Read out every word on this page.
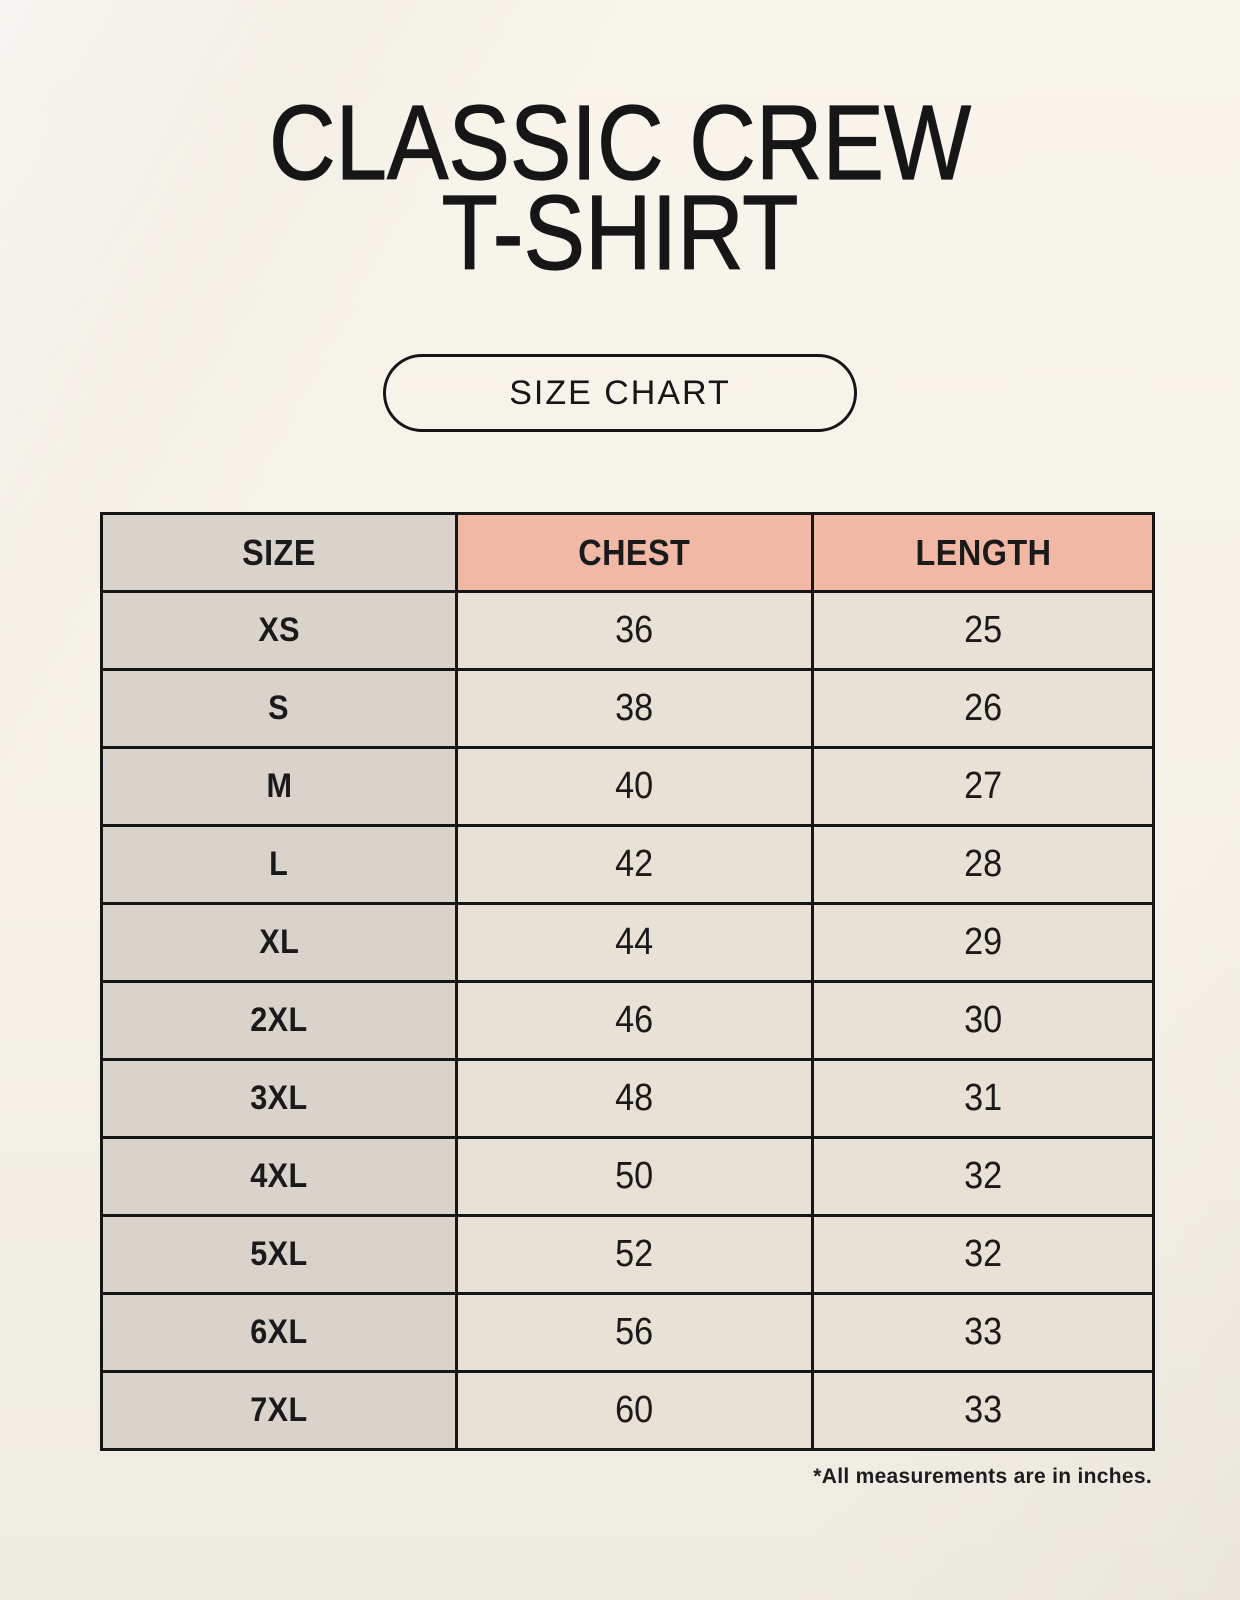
CLASSIC CREW
T-SHIRT
SIZE CHART
SIZE	CHEST	LENGTH
XS	36	25
S	38	26
M	40	27
L	42	28
XL	44	29
2XL	46	30
3XL	48	31
4XL	50	32
5XL	52	32
6XL	56	33
7XL	60	33

*All measurements are in inches.
